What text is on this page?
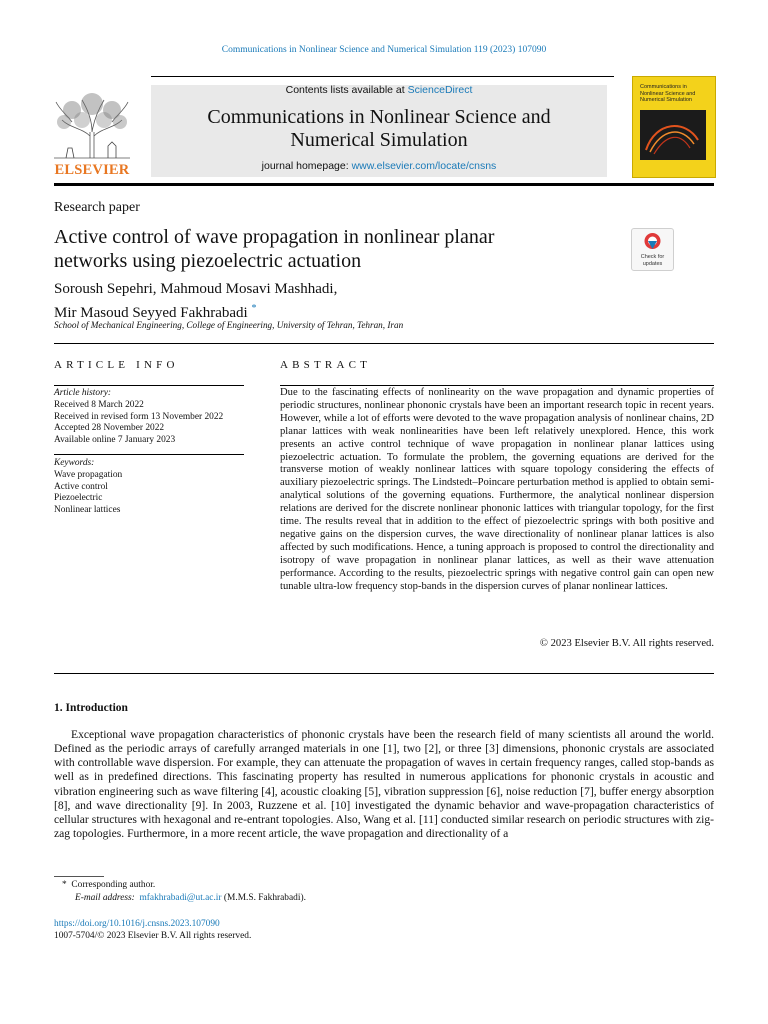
Communications in Nonlinear Science and Numerical Simulation 119 (2023) 107090
ELSEVIER
Contents lists available at ScienceDirect
Communications in Nonlinear Science and
Numerical Simulation
journal homepage: www.elsevier.com/locate/cnsns
Communications in Nonlinear Science and Numerical Simulation
Research paper
Active control of wave propagation in nonlinear planar
networks using piezoelectric actuation	Check for
updates
Soroush Sepehri, Mahmoud Mosavi Mashhadi,
Mir Masoud Seyyed Fakhrabadi *
School of Mechanical Engineering, College of Engineering, University of Tehran, Tehran, Iran
ARTICLE INFO
Article history:
Received 8 March 2022
Received in revised form 13 November 2022
Accepted 28 November 2022
Available online 7 January 2023
Keywords:
Wave propagation
Active control
Piezoelectric
Nonlinear lattices
ABSTRACT
Due to the fascinating effects of nonlinearity on the wave propagation and dynamic properties of periodic structures, nonlinear phononic crystals have been an important research topic in recent years. However, while a lot of efforts were devoted to the wave propagation analysis of nonlinear chains, 2D planar lattices with weak nonlinearities have been left relatively unexplored. Hence, this work presents an active control technique of wave propagation in nonlinear planar lattices using piezoelectric actuation. To formulate the problem, the governing equations are derived for the transverse motion of weakly nonlinear lattices with square topology considering the effects of auxiliary piezoelectric springs. The Lindstedt–Poincare perturbation method is applied to obtain semi-analytical solutions of the governing equations. Furthermore, the analytical nonlinear dispersion relations are derived for the discrete nonlinear phononic lattices with triangular topology, for the first time. The results reveal that in addition to the effect of piezoelectric springs with both positive and negative gains on the dispersion curves, the wave directionality of nonlinear planar lattices is also affected by such modifications. Hence, a tuning approach is proposed to control the directionality and isotropy of wave propagation in nonlinear planar lattices, as well as their wave attenuation performance. According to the results, piezoelectric springs with negative control gain can open new tunable ultra-low frequency stop-bands in the dispersion curves of planar nonlinear lattices.
© 2023 Elsevier B.V. All rights reserved.
1. Introduction

Exceptional wave propagation characteristics of phononic crystals have been the research field of many scientists all around the world. Defined as the periodic arrays of carefully arranged materials in one [1], two [2], or three [3] dimensions, phononic crystals are associated with controllable wave dispersion. For example, they can attenuate the propagation of waves in certain frequency ranges, called stop-bands as well as in predefined directions. This fascinating property has resulted in numerous applications for phononic crystals in acoustic and vibration engineering such as wave filtering [4], acoustic cloaking [5], vibration suppression [6], noise reduction [7], buffer energy absorption [8], and wave directionality [9]. In 2003, Ruzzene et al. [10] investigated the dynamic behavior and wave-propagation characteristics of cellular structures with hexagonal and re-entrant topologies. Also, Wang et al. [11] conducted similar research on periodic structures with zig-zag topologies. Furthermore, in a more recent article, the wave propagation and directionality of a

* Corresponding author.
E-mail address: mfakhrabadi@ut.ac.ir (M.M.S. Fakhrabadi).
https://doi.org/10.1016/j.cnsns.2023.107090
1007-5704/© 2023 Elsevier B.V. All rights reserved.
